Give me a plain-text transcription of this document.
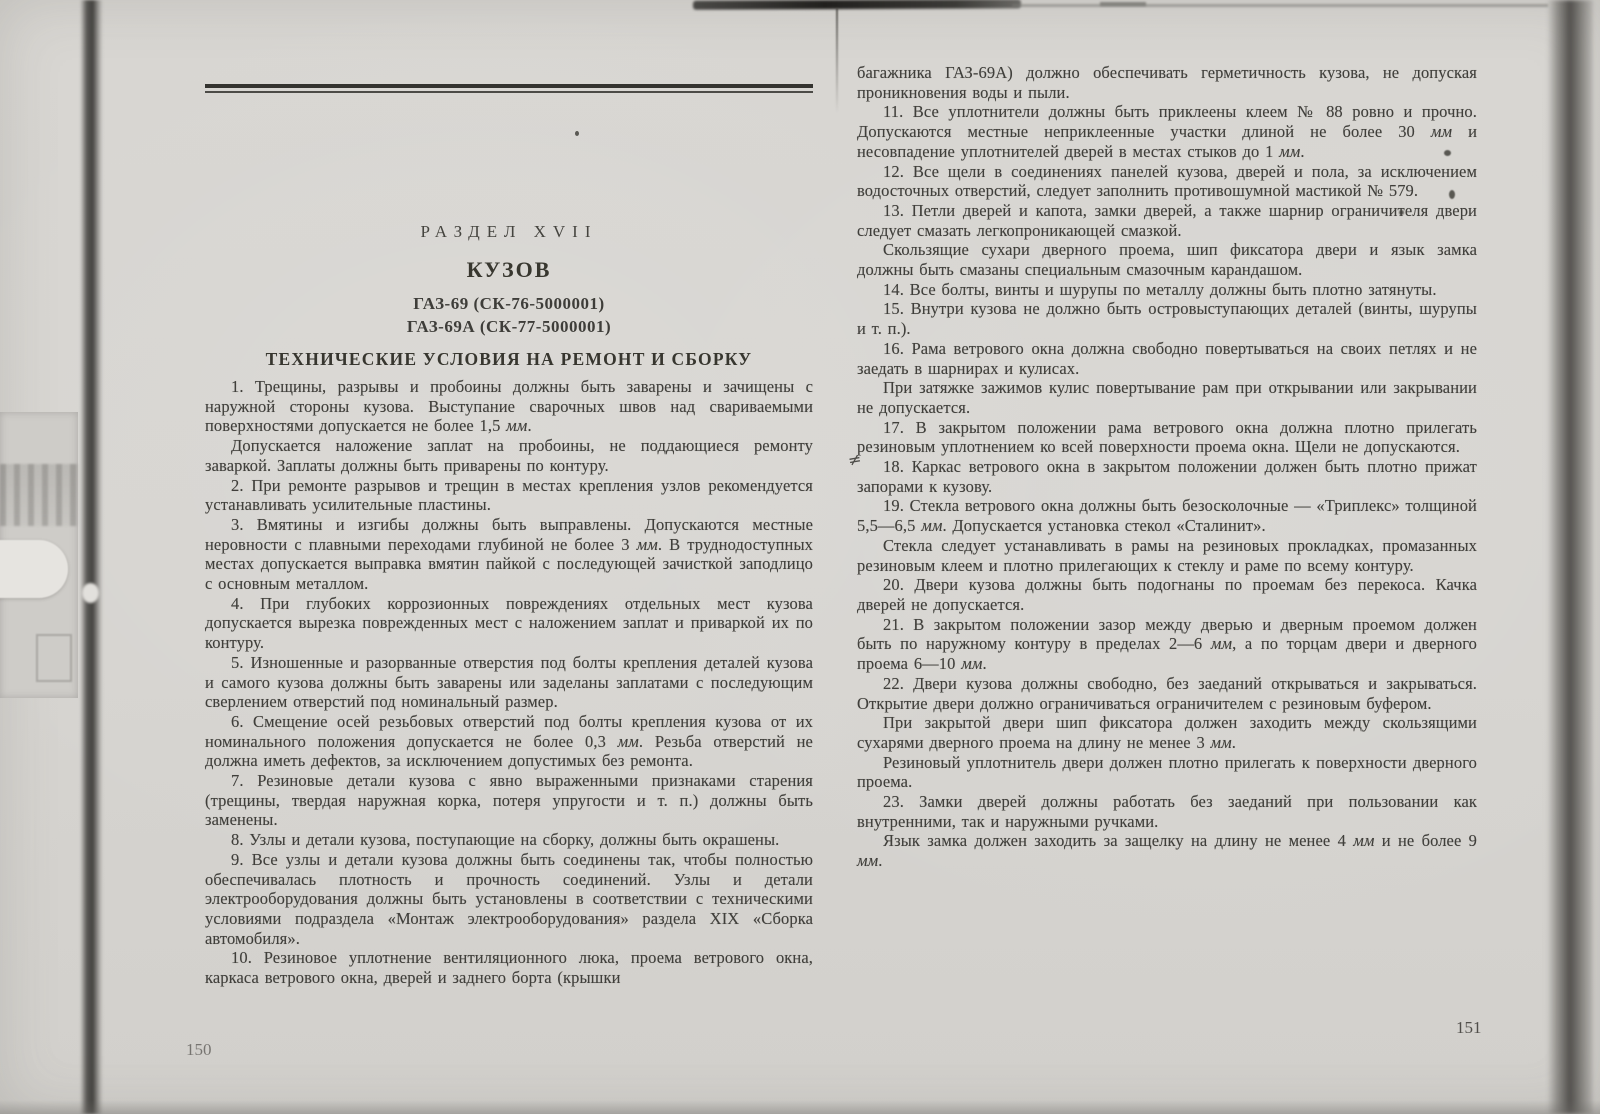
РАЗДЕЛ XVII
КУЗОВ
ГАЗ-69 (СК-76-5000001)
ГАЗ-69А (СК-77-5000001)
ТЕХНИЧЕСКИЕ УСЛОВИЯ НА РЕМОНТ И СБОРКУ

1. Трещины, разрывы и пробоины должны быть заварены и зачищены с наружной стороны кузова. Выступание сварочных швов над свариваемыми поверхностями допускается не более 1,5 мм.

Допускается наложение заплат на пробоины, не поддающиеся ремонту заваркой. Заплаты должны быть приварены по контуру.

2. При ремонте разрывов и трещин в местах крепления узлов рекомендуется устанавливать усилительные пластины.

3. Вмятины и изгибы должны быть выправлены. Допускаются местные неровности с плавными переходами глубиной не более 3 мм. В труднодоступных местах допускается выправка вмятин пайкой с последующей зачисткой заподлицо с основным металлом.

4. При глубоких коррозионных повреждениях отдельных мест кузова допускается вырезка поврежденных мест с наложением заплат и приваркой их по контуру.

5. Изношенные и разорванные отверстия под болты крепления деталей кузова и самого кузова должны быть заварены или заделаны заплатами с последующим сверлением отверстий под номинальный размер.

6. Смещение осей резьбовых отверстий под болты крепления кузова от их номинального положения допускается не более 0,3 мм. Резьба отверстий не должна иметь дефектов, за исключением допустимых без ремонта.

7. Резиновые детали кузова с явно выраженными признаками старения (трещины, твердая наружная корка, потеря упругости и т. п.) должны быть заменены.

8. Узлы и детали кузова, поступающие на сборку, должны быть окрашены.

9. Все узлы и детали кузова должны быть соединены так, чтобы полностью обеспечивалась плотность и прочность соединений. Узлы и детали электрооборудования должны быть установлены в соответствии с техническими условиями подраздела «Монтаж электрооборудования» раздела XIX «Сборка автомобиля».

10. Резиновое уплотнение вентиляционного люка, проема ветрового окна, каркаса ветрового окна, дверей и заднего борта (крышки

150

багажника ГАЗ-69А) должно обеспечивать герметичность кузова, не допуская проникновения воды и пыли.

11. Все уплотнители должны быть приклеены клеем № 88 ровно и прочно. Допускаются местные неприклеенные участки длиной не более 30 мм и несовпадение уплотнителей дверей в местах стыков до 1 мм.

12. Все щели в соединениях панелей кузова, дверей и пола, за исключением водосточных отверстий, следует заполнить противошумной мастикой № 579.

13. Петли дверей и капота, замки дверей, а также шарнир ограничителя двери следует смазать легкопроникающей смазкой.

Скользящие сухари дверного проема, шип фиксатора двери и язык замка должны быть смазаны специальным смазочным карандашом.

14. Все болты, винты и шурупы по металлу должны быть плотно затянуты.

15. Внутри кузова не должно быть островыступающих деталей (винты, шурупы и т. п.).

16. Рама ветрового окна должна свободно повертываться на своих петлях и не заедать в шарнирах и кулисах.

При затяжке зажимов кулис повертывание рам при открывании или закрывании не допускается.

17. В закрытом положении рама ветрового окна должна плотно прилегать резиновым уплотнением ко всей поверхности проема окна. Щели не допускаются.

18. Каркас ветрового окна в закрытом положении должен быть плотно прижат запорами к кузову.

19. Стекла ветрового окна должны быть безосколочные — «Триплекс» толщиной 5,5—6,5 мм. Допускается установка стекол «Сталинит».

Стекла следует устанавливать в рамы на резиновых прокладках, промазанных резиновым клеем и плотно прилегающих к стеклу и раме по всему контуру.

20. Двери кузова должны быть подогнаны по проемам без перекоса. Качка дверей не допускается.

21. В закрытом положении зазор между дверью и дверным проемом должен быть по наружному контуру в пределах 2—6 мм, а по торцам двери и дверного проема 6—10 мм.

22. Двери кузова должны свободно, без заеданий открываться и закрываться. Открытие двери должно ограничиваться ограничителем с резиновым буфером.

При закрытой двери шип фиксатора должен заходить между скользящими сухарями дверного проема на длину не менее 3 мм.

Резиновый уплотнитель двери должен плотно прилегать к поверхности дверного проема.

23. Замки дверей должны работать без заеданий при пользовании как внутренними, так и наружными ручками.

Язык замка должен заходить за защелку на длину не менее 4 мм и не более 9 мм.

≠
151
